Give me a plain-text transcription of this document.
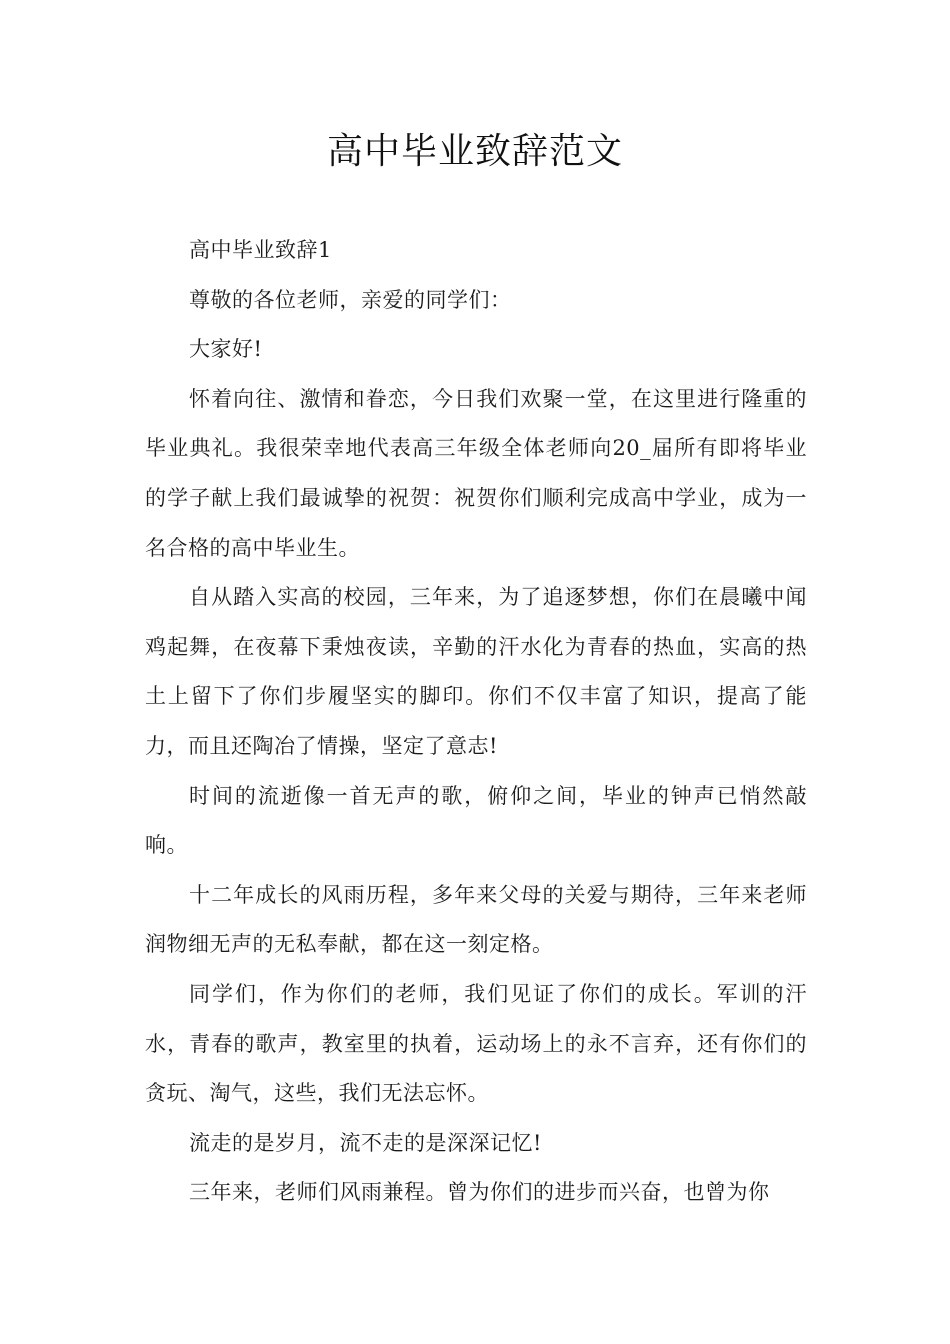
高中毕业致辞范文

高中毕业致辞1

尊敬的各位老师，亲爱的同学们：

大家好!

怀着向往、激情和眷恋，今日我们欢聚一堂，在这里进行隆重的毕业典礼。我很荣幸地代表高三年级全体老师向20_届所有即将毕业的学子献上我们最诚挚的祝贺：祝贺你们顺利完成高中学业，成为一名合格的高中毕业生。

自从踏入实高的校园，三年来，为了追逐梦想，你们在晨曦中闻鸡起舞，在夜幕下秉烛夜读，辛勤的汗水化为青春的热血，实高的热土上留下了你们步履坚实的脚印。你们不仅丰富了知识，提高了能力，而且还陶冶了情操，坚定了意志!

时间的流逝像一首无声的歌，俯仰之间，毕业的钟声已悄然敲响。

十二年成长的风雨历程，多年来父母的关爱与期待，三年来老师润物细无声的无私奉献，都在这一刻定格。

同学们，作为你们的老师，我们见证了你们的成长。军训的汗水，青春的歌声，教室里的执着，运动场上的永不言弃，还有你们的贪玩、淘气，这些，我们无法忘怀。

流走的是岁月，流不走的是深深记忆!

三年来，老师们风雨兼程。曾为你们的进步而兴奋，也曾为你
